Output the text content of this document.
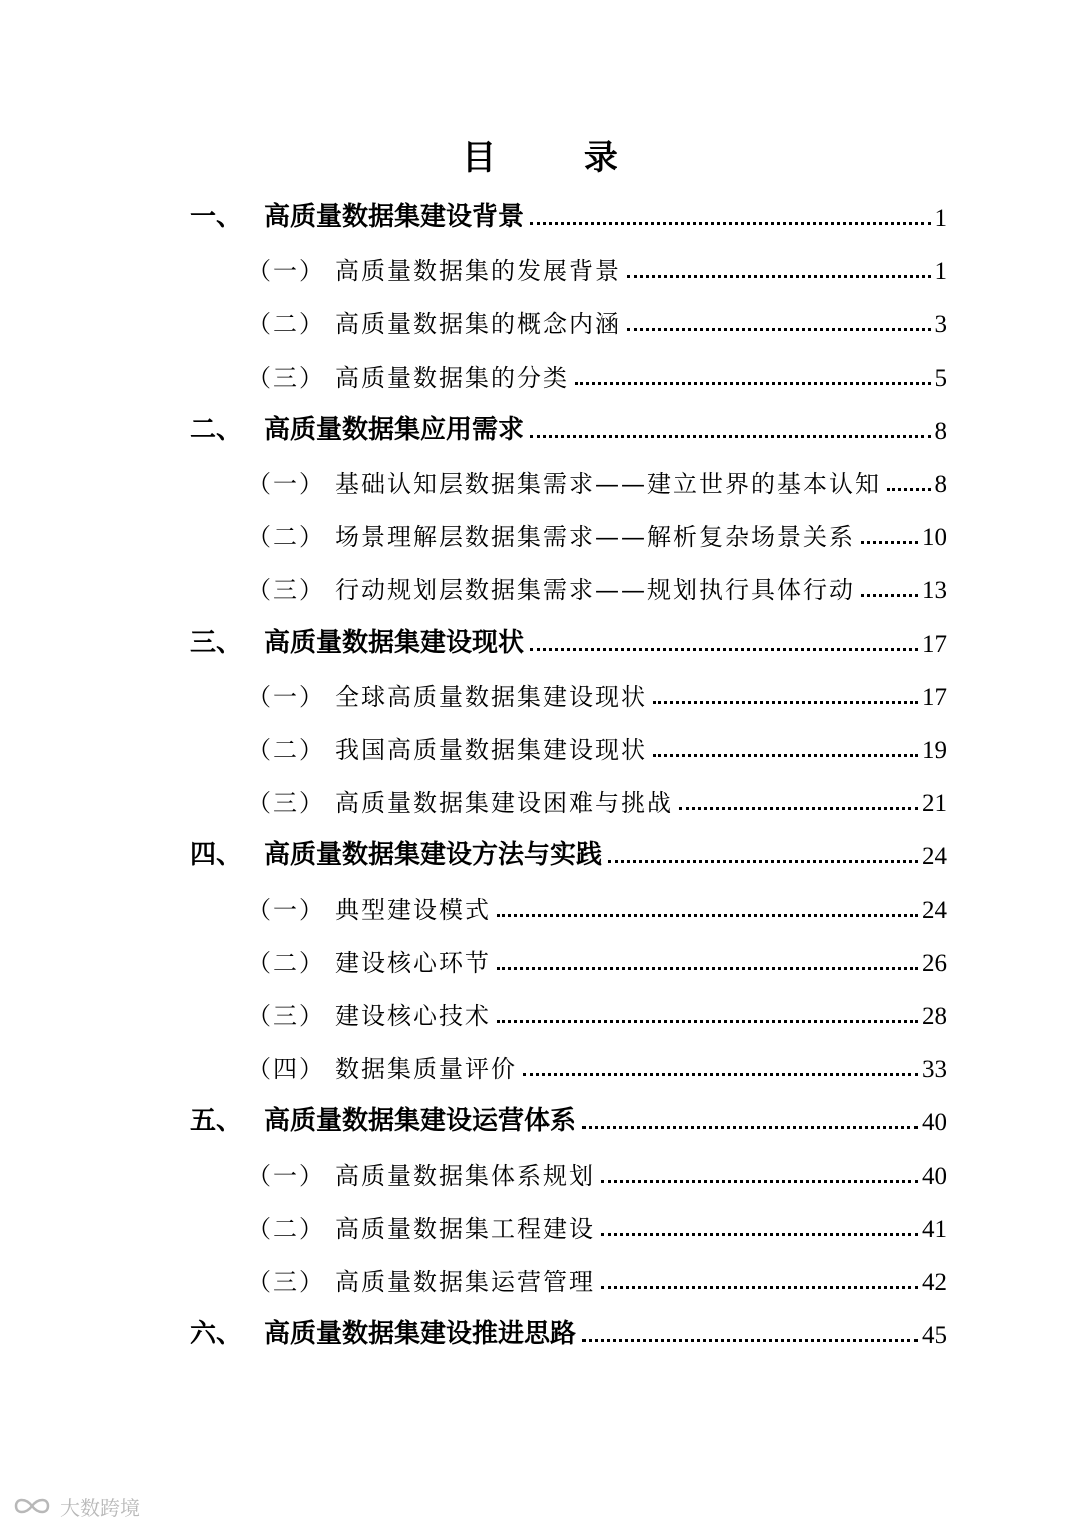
目 录
一、 高质量数据集建设背景	1
（一） 高质量数据集的发展背景	1
（二） 高质量数据集的概念内涵	3
（三） 高质量数据集的分类	5
二、 高质量数据集应用需求	8
（一） 基础认知层数据集需求——建立世界的基本认知 8
（二） 场景理解层数据集需求——解析复杂场景关系	10
（三） 行动规划层数据集需求——规划执行具体行动	13
三、 高质量数据集建设现状	17
（一） 全球高质量数据集建设现状	17
（二） 我国高质量数据集建设现状	19
（三） 高质量数据集建设困难与挑战	21
四、 高质量数据集建设方法与实践	24
（一） 典型建设模式	24
（二） 建设核心环节	26
（三） 建设核心技术	28
（四） 数据集质量评价	33
五、 高质量数据集建设运营体系	40
（一） 高质量数据集体系规划	40
（二） 高质量数据集工程建设	41
（三） 高质量数据集运营管理	42
六、 高质量数据集建设推进思路	45
大数跨境
